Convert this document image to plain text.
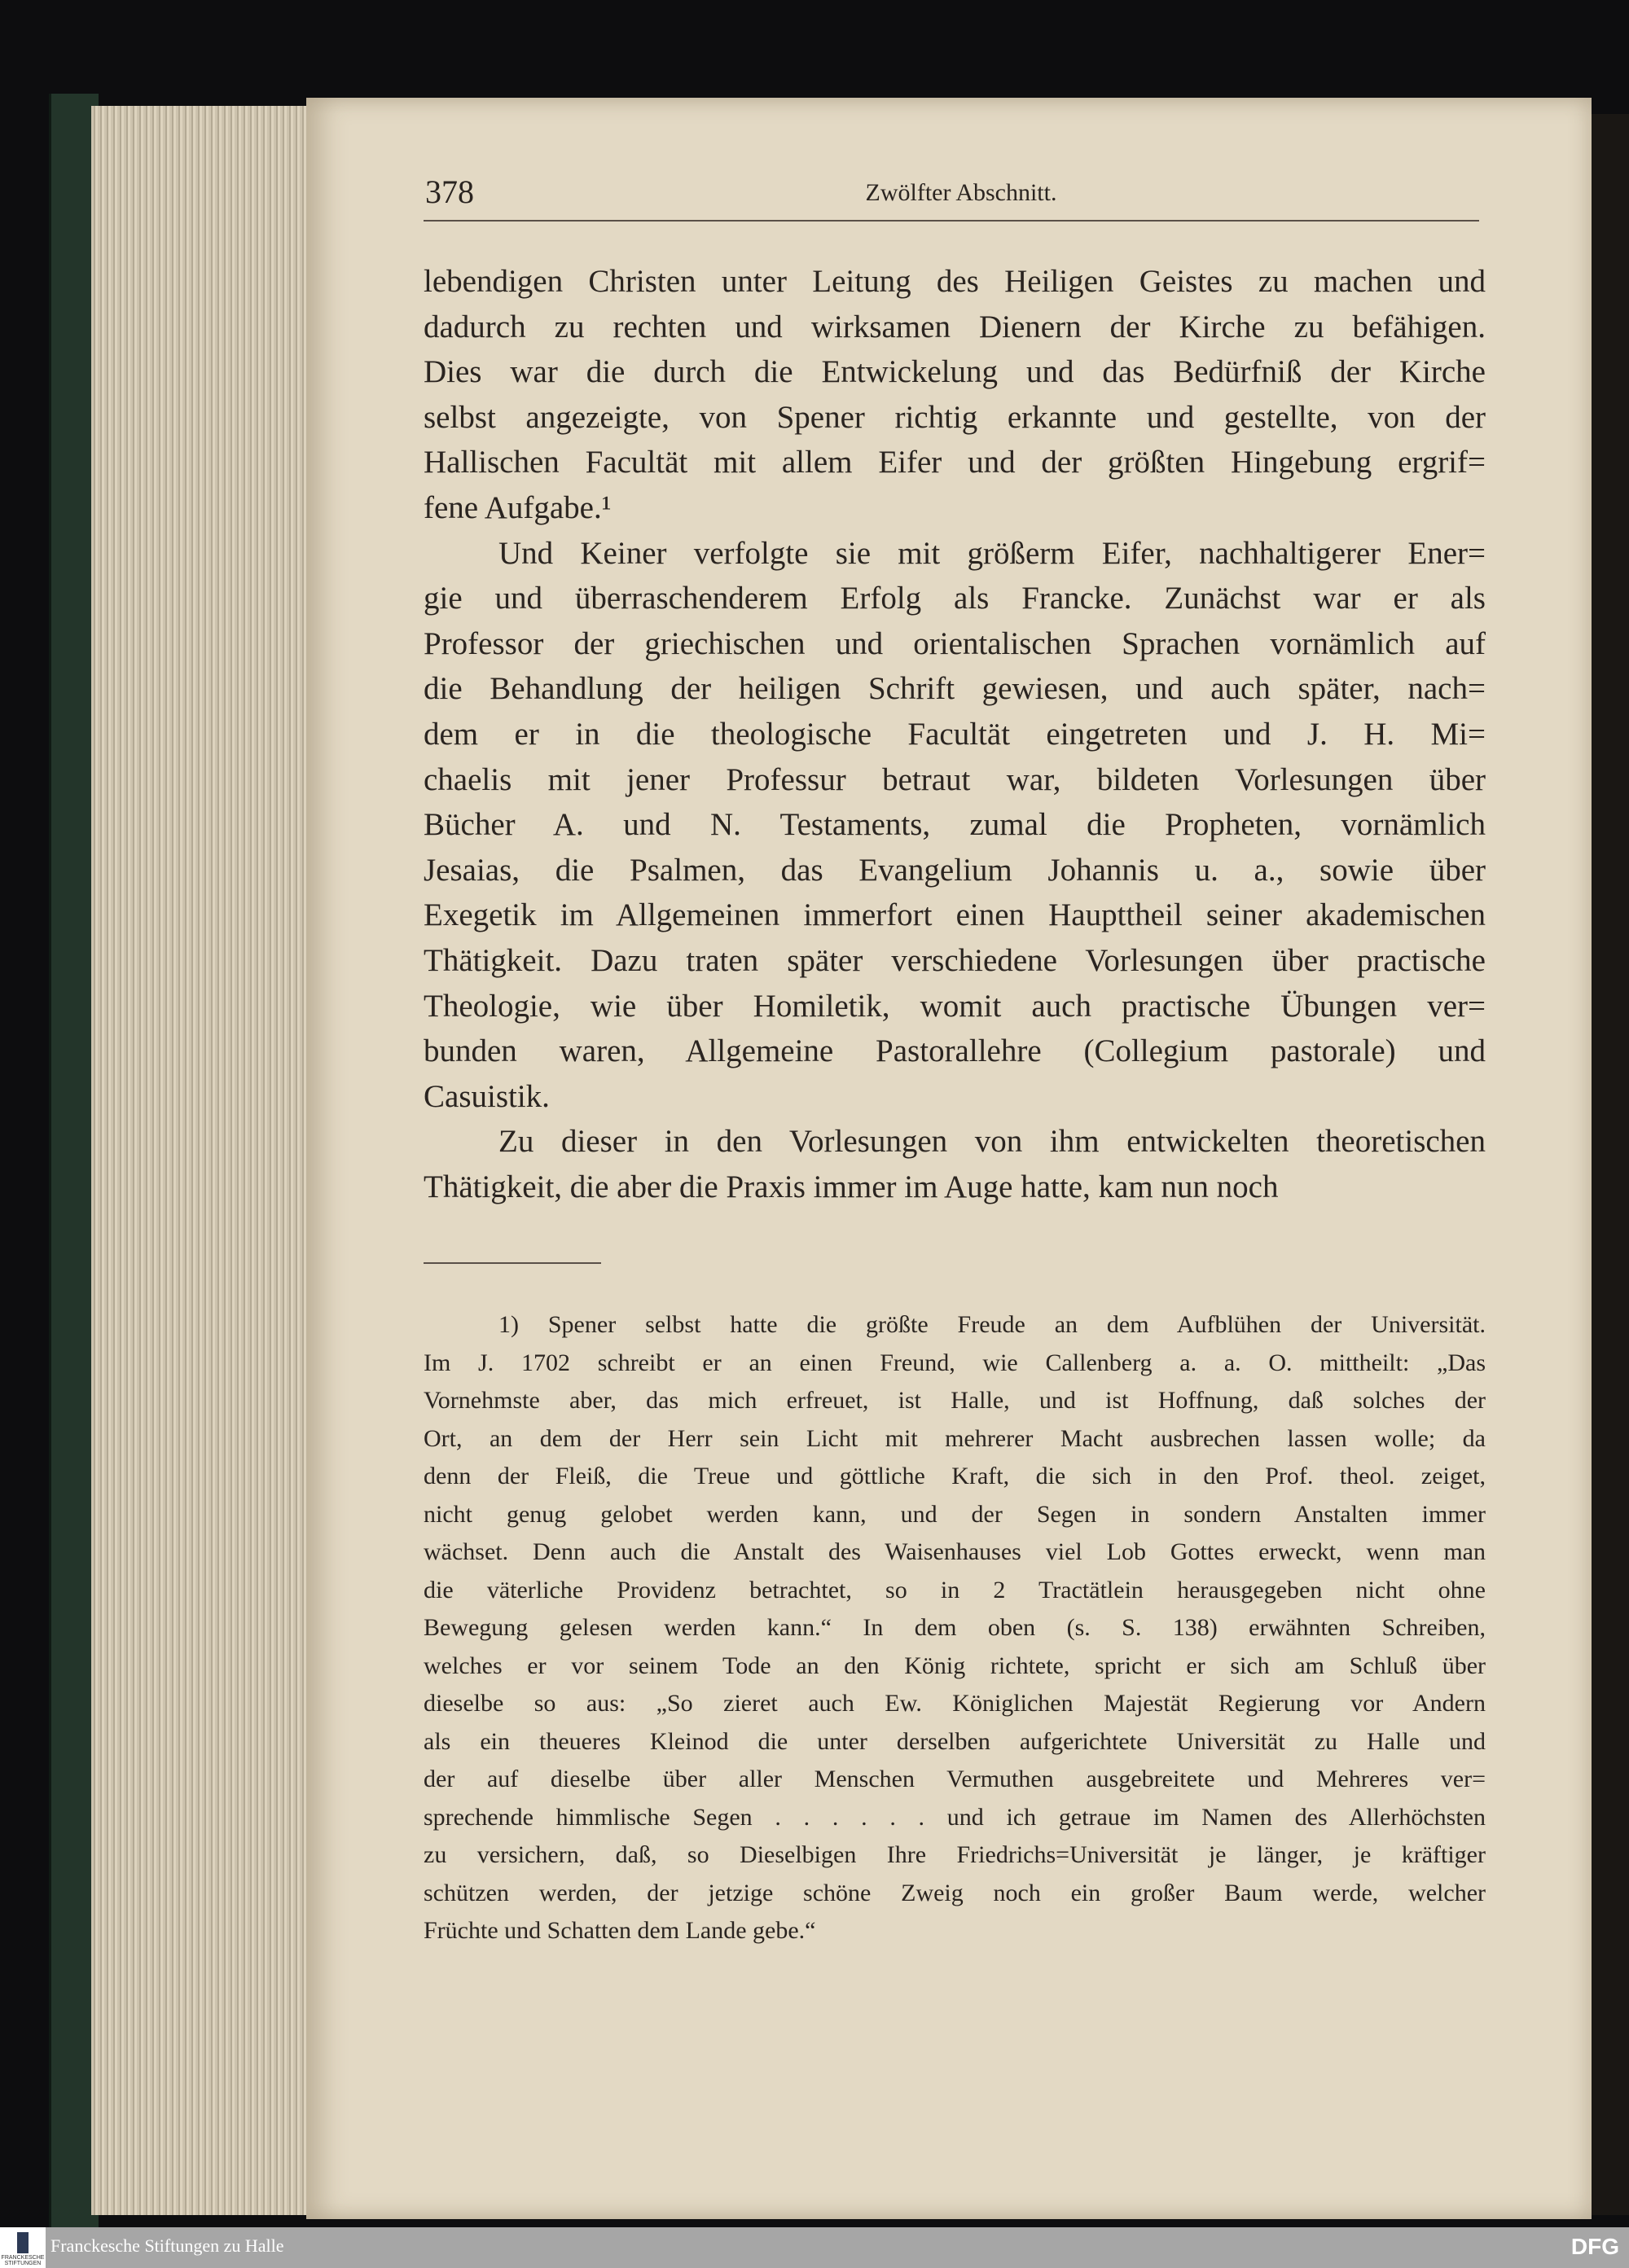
378	Zwölfter Abschnitt.
lebendigen Christen unter Leitung des Heiligen Geistes zu machen und
dadurch zu rechten und wirksamen Dienern der Kirche zu befähigen.
Dies war die durch die Entwickelung und das Bedürfniß der Kirche
selbst angezeigte, von Spener richtig erkannte und gestellte, von der
Hallischen Facultät mit allem Eifer und der größten Hingebung ergrif=
fene Aufgabe.¹
Und Keiner verfolgte sie mit größerm Eifer, nachhaltigerer Ener=
gie und überraschenderem Erfolg als Francke. Zunächst war er als
Professor der griechischen und orientalischen Sprachen vornämlich auf
die Behandlung der heiligen Schrift gewiesen, und auch später, nach=
dem er in die theologische Facultät eingetreten und J. H. Mi=
chaelis mit jener Professur betraut war, bildeten Vorlesungen über
Bücher A. und N. Testaments, zumal die Propheten, vornämlich
Jesaias, die Psalmen, das Evangelium Johannis u. a., sowie über
Exegetik im Allgemeinen immerfort einen Haupttheil seiner akademischen
Thätigkeit. Dazu traten später verschiedene Vorlesungen über practische
Theologie, wie über Homiletik, womit auch practische Übungen ver=
bunden waren, Allgemeine Pastorallehre (Collegium pastorale) und
Casuistik.
Zu dieser in den Vorlesungen von ihm entwickelten theoretischen
Thätigkeit, die aber die Praxis immer im Auge hatte, kam nun noch
1) Spener selbst hatte die größte Freude an dem Aufblühen der Universität.
Im J. 1702 schreibt er an einen Freund, wie Callenberg a. a. O. mittheilt: „Das
Vornehmste aber, das mich erfreuet, ist Halle, und ist Hoffnung, daß solches der
Ort, an dem der Herr sein Licht mit mehrerer Macht ausbrechen lassen wolle; da
denn der Fleiß, die Treue und göttliche Kraft, die sich in den Prof. theol. zeiget,
nicht genug gelobet werden kann, und der Segen in sondern Anstalten immer
wächset. Denn auch die Anstalt des Waisenhauses viel Lob Gottes erweckt, wenn man
die väterliche Providenz betrachtet, so in 2 Tractätlein herausgegeben nicht ohne
Bewegung gelesen werden kann.“ In dem oben (s. S. 138) erwähnten Schreiben,
welches er vor seinem Tode an den König richtete, spricht er sich am Schluß über
dieselbe so aus: „So zieret auch Ew. Königlichen Majestät Regierung vor Andern
als ein theueres Kleinod die unter derselben aufgerichtete Universität zu Halle und
der auf dieselbe über aller Menschen Vermuthen ausgebreitete und Mehreres ver=
sprechende himmlische Segen . . . . . . und ich getraue im Namen des Allerhöchsten
zu versichern, daß, so Dieselbigen Ihre Friedrichs=Universität je länger, je kräftiger
schützen werden, der jetzige schöne Zweig noch ein großer Baum werde, welcher
Früchte und Schatten dem Lande gebe.“
FRANCKESCHE
STIFTUNGEN
Franckesche Stiftungen zu Halle	DFG
